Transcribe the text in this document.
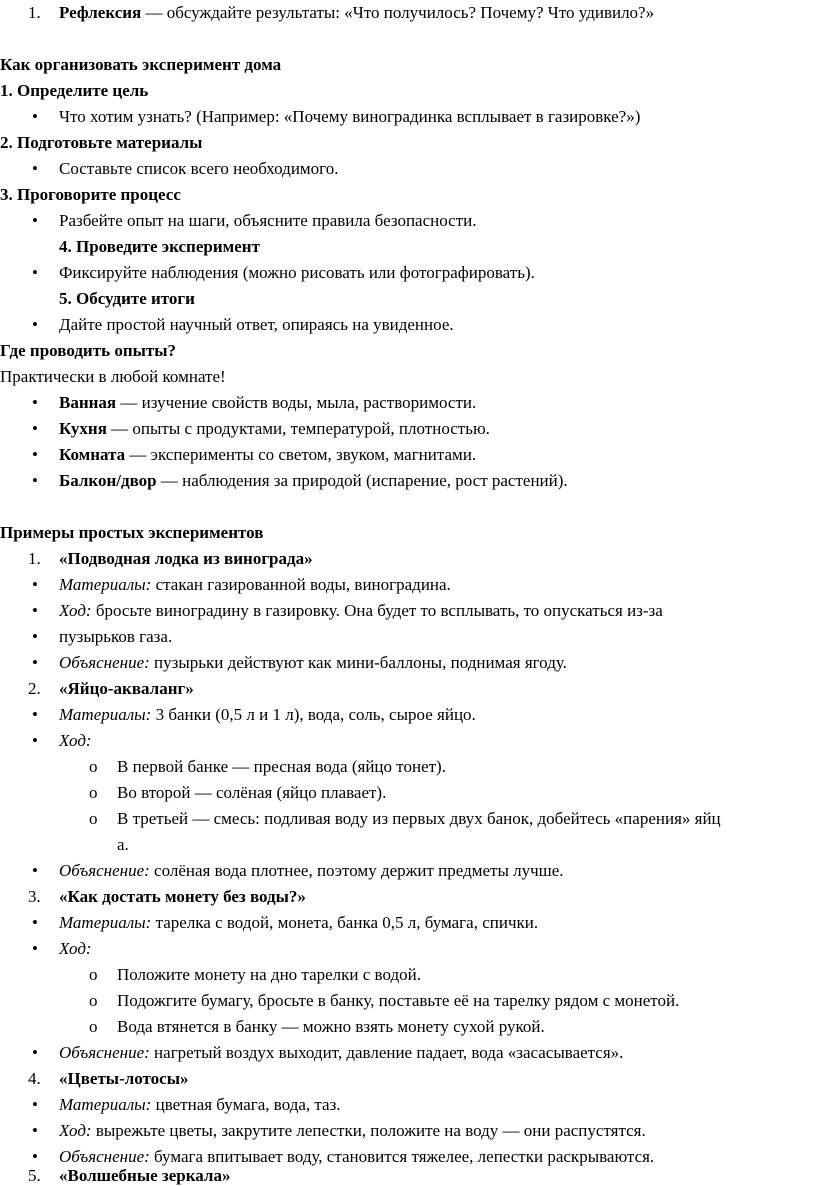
1. Рефлексия — обсуждайте результаты: «Что получилось? Почему? Что удивило?»
Как организовать эксперимент дома
1. Определите цель
• Что хотим узнать? (Например: «Почему виноградинка всплывает в газировке?»)
2. Подготовьте материалы
• Составьте список всего необходимого.
3. Проговорите процесс
• Разбейте опыт на шаги, объясните правила безопасности.
4. Проведите эксперимент
• Фиксируйте наблюдения (можно рисовать или фотографировать).
5. Обсудите итоги
• Дайте простой научный ответ, опираясь на увиденное.
Где проводить опыты?
Практически в любой комнате!
• Ванная — изучение свойств воды, мыла, растворимости.
• Кухня — опыты с продуктами, температурой, плотностью.
• Комната — эксперименты со светом, звуком, магнитами.
• Балкон/двор — наблюдения за природой (испарение, рост растений).
Примеры простых экспериментов
1. «Подводная лодка из винограда»
• Материалы: стакан газированной воды, виноградина.
• Ход: бросьте виноградину в газировку. Она будет то всплывать, то опускаться из-за
• пузырьков газа.
• Объяснение: пузырьки действуют как мини-баллоны, поднимая ягоду.
2. «Яйцо-акваланг»
• Материалы: 3 банки (0,5 л и 1 л), вода, соль, сырое яйцо.
• Ход:
o В первой банке — пресная вода (яйцо тонет).
o Во второй — солёная (яйцо плавает).
o В третьей — смесь: подливая воду из первых двух банок, добейтесь «парения» яйц
а.
• Объяснение: солёная вода плотнее, поэтому держит предметы лучше.
3. «Как достать монету без воды?»
• Материалы: тарелка с водой, монета, банка 0,5 л, бумага, спички.
• Ход:
o Положите монету на дно тарелки с водой.
o Подожгите бумагу, бросьте в банку, поставьте её на тарелку рядом с монетой.
o Вода втянется в банку — можно взять монету сухой рукой.
• Объяснение: нагретый воздух выходит, давление падает, вода «засасывается».
4. «Цветы-лотосы»
• Материалы: цветная бумага, вода, таз.
• Ход: вырежьте цветы, закрутите лепестки, положите на воду — они распустятся.
• Объяснение: бумага впитывает воду, становится тяжелее, лепестки раскрываются.
5. «Волшебные зеркала»
